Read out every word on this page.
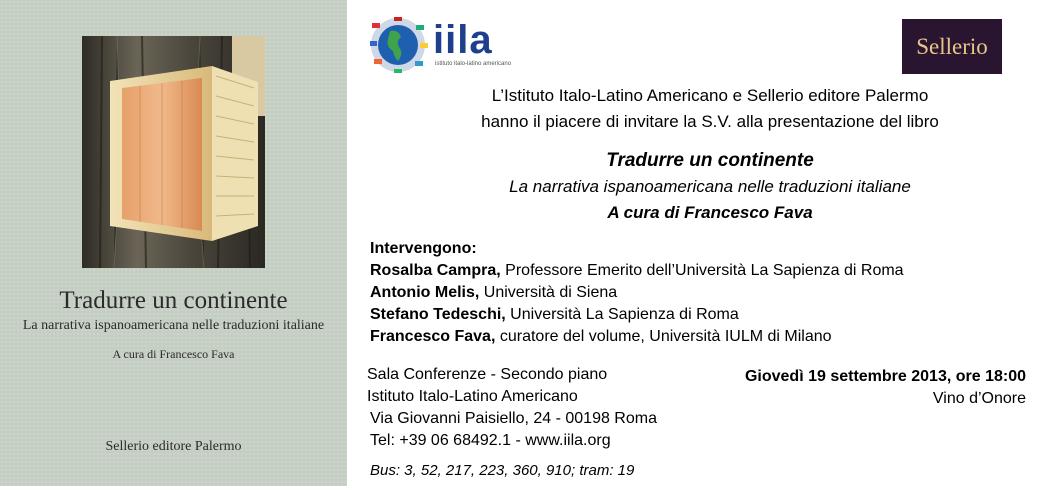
Tradurre un continente
La narrativa ispanoamericana nelle traduzioni italiane
A cura di Francesco Fava
Sellerio editore Palermo
iila
istituto italo-latino americano
Sellerio
L’Istituto Italo-Latino Americano e Sellerio editore Palermo
hanno il piacere di invitare la S.V. alla presentazione del libro
Tradurre un continente
La narrativa ispanoamericana nelle traduzioni italiane
A cura di Francesco Fava
Intervengono:
Rosalba Campra, Professore Emerito dell’Università La Sapienza di Roma
Antonio Melis, Università di Siena
Stefano Tedeschi, Università La Sapienza di Roma
Francesco Fava, curatore del volume, Università IULM di Milano
Sala Conferenze - Secondo piano
Istituto Italo-Latino Americano
Via Giovanni Paisiello, 24 - 00198 Roma
Tel: +39 06 68492.1 - www.iila.org
Bus: 3, 52, 217, 223, 360, 910; tram: 19
Giovedì 19 settembre 2013, ore 18:00
Vino d’Onore
